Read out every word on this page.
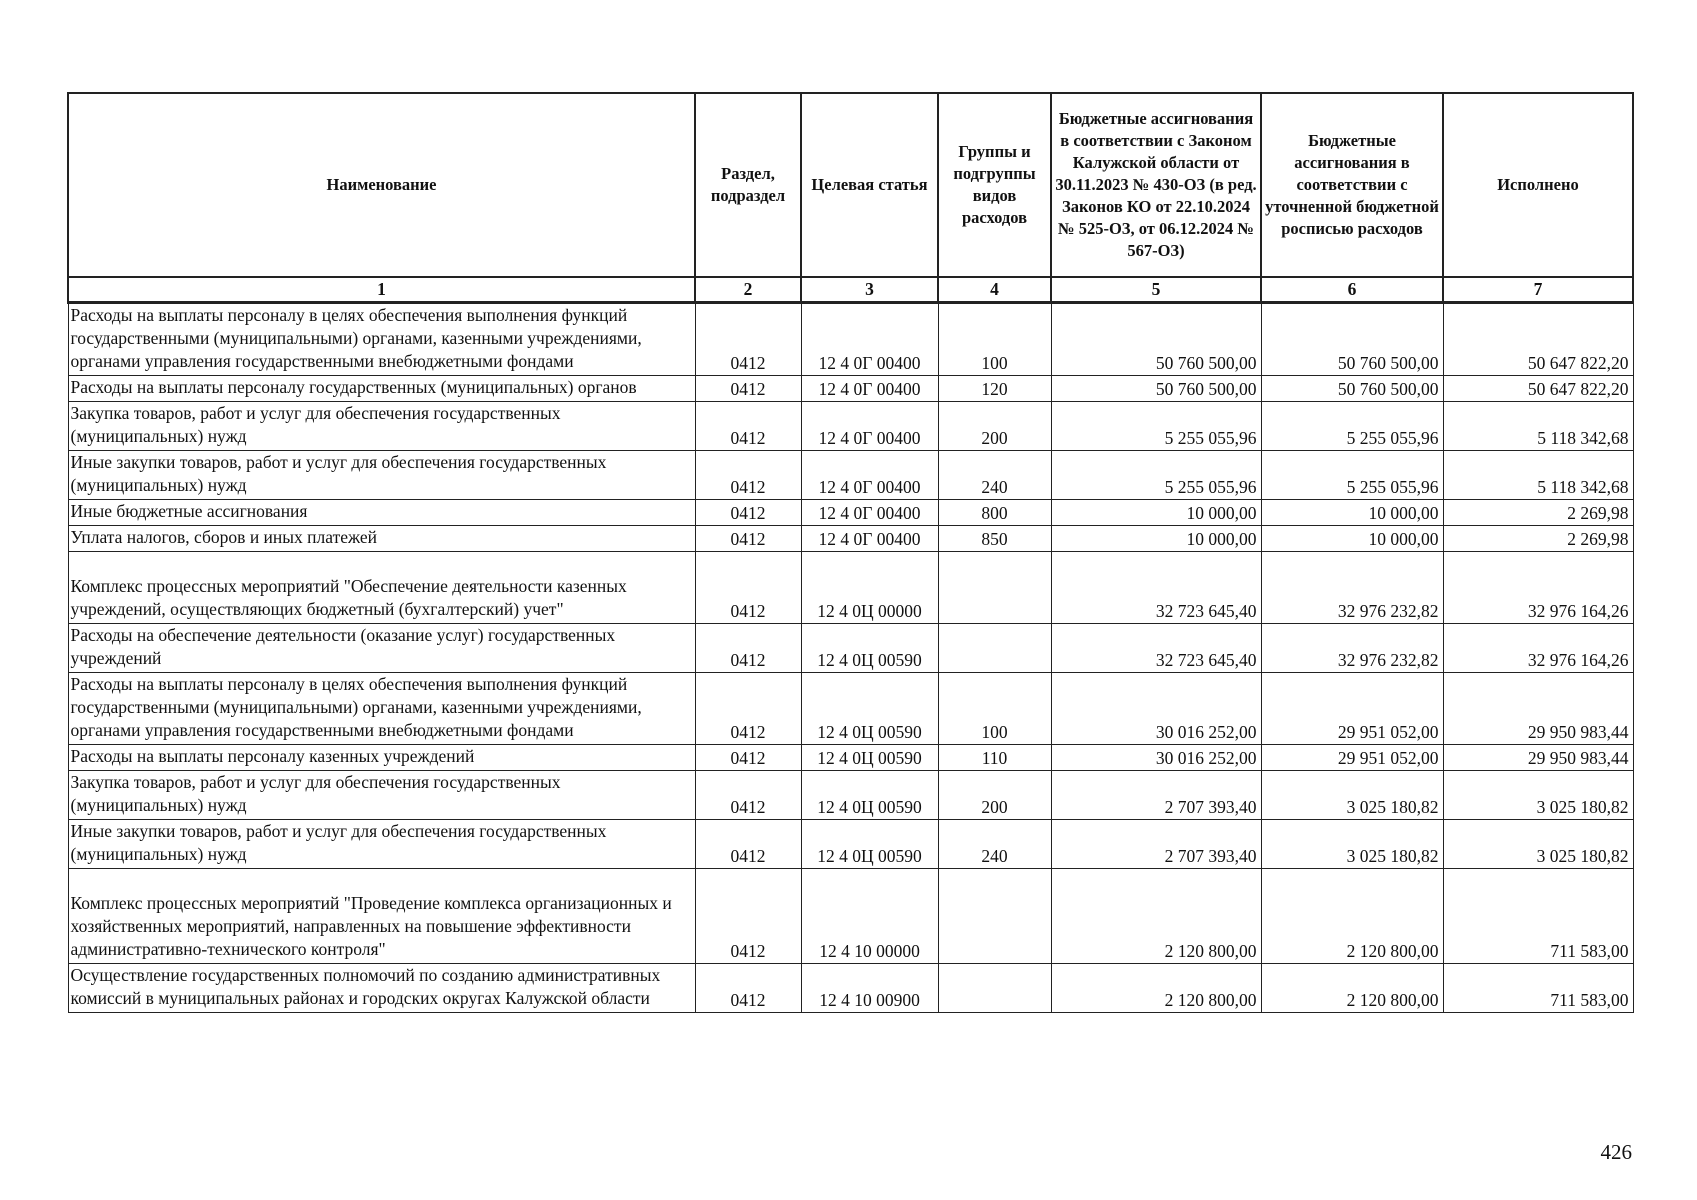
Наименование	Раздел, подраздел	Целевая статья	Группы и подгруппы видов расходов	Бюджетные ассигнования в соответствии с Законом Калужской области от 30.11.2023 № 430-ОЗ (в ред. Законов КО от 22.10.2024 № 525-ОЗ, от 06.12.2024 № 567-ОЗ)	Бюджетные ассигнования в соответствии с уточненной бюджетной росписью расходов	Исполнено
1	2	3	4	5	6	7
Расходы на выплаты персоналу в целях обеспечения выполнения функций государственными (муниципальными) органами, казенными учреждениями, органами управления государственными внебюджетными фондами	0412	12 4 0Г 00400	100	50 760 500,00	50 760 500,00	50 647 822,20
Расходы на выплаты персоналу государственных (муниципальных) органов	0412	12 4 0Г 00400	120	50 760 500,00	50 760 500,00	50 647 822,20
Закупка товаров, работ и услуг для обеспечения государственных (муниципальных) нужд	0412	12 4 0Г 00400	200	5 255 055,96	5 255 055,96	5 118 342,68
Иные закупки товаров, работ и услуг для обеспечения государственных (муниципальных) нужд	0412	12 4 0Г 00400	240	5 255 055,96	5 255 055,96	5 118 342,68
Иные бюджетные ассигнования	0412	12 4 0Г 00400	800	10 000,00	10 000,00	2 269,98
Уплата налогов, сборов и иных платежей	0412	12 4 0Г 00400	850	10 000,00	10 000,00	2 269,98

Комплекс процессных мероприятий "Обеспечение деятельности казенных учреждений, осуществляющих бюджетный (бухгалтерский) учет"	0412	12 4 0Ц 00000		32 723 645,40	32 976 232,82	32 976 164,26
Расходы на обеспечение деятельности (оказание услуг) государственных учреждений	0412	12 4 0Ц 00590		32 723 645,40	32 976 232,82	32 976 164,26
Расходы на выплаты персоналу в целях обеспечения выполнения функций государственными (муниципальными) органами, казенными учреждениями, органами управления государственными внебюджетными фондами	0412	12 4 0Ц 00590	100	30 016 252,00	29 951 052,00	29 950 983,44
Расходы на выплаты персоналу казенных учреждений	0412	12 4 0Ц 00590	110	30 016 252,00	29 951 052,00	29 950 983,44
Закупка товаров, работ и услуг для обеспечения государственных (муниципальных) нужд	0412	12 4 0Ц 00590	200	2 707 393,40	3 025 180,82	3 025 180,82
Иные закупки товаров, работ и услуг для обеспечения государственных (муниципальных) нужд	0412	12 4 0Ц 00590	240	2 707 393,40	3 025 180,82	3 025 180,82

Комплекс процессных мероприятий "Проведение комплекса организационных и хозяйственных мероприятий, направленных на повышение эффективности административно-технического контроля"	0412	12 4 10 00000		2 120 800,00	2 120 800,00	711 583,00
Осуществление государственных полномочий по созданию административных комиссий в муниципальных районах и городских округах Калужской области	0412	12 4 10 00900		2 120 800,00	2 120 800,00	711 583,00
426
